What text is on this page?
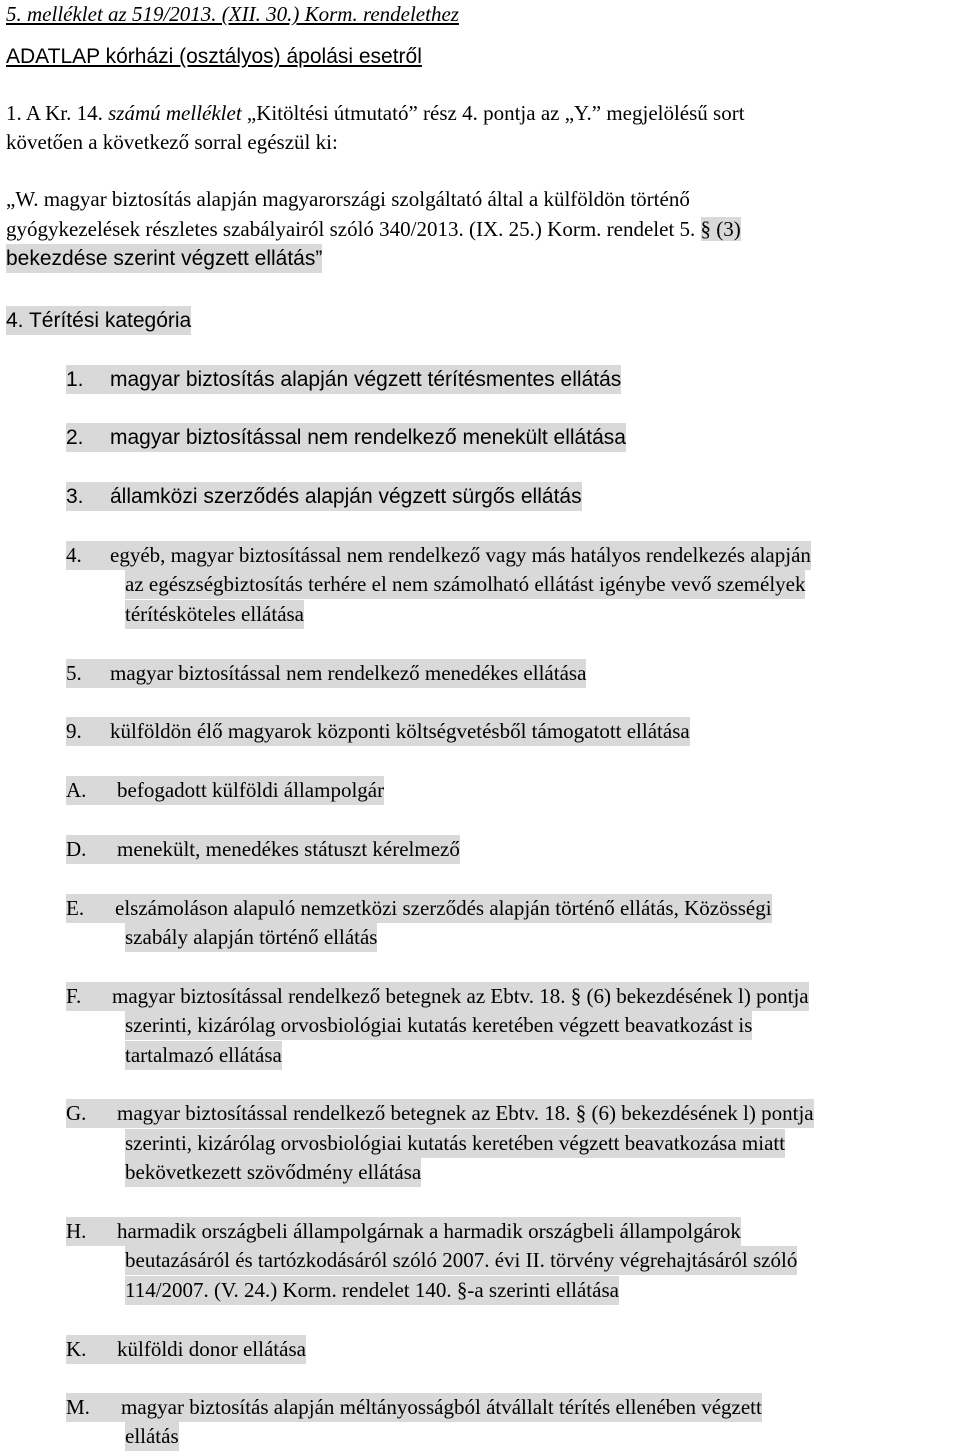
5. melléklet az 519/2013. (XII. 30.) Korm. rendelethez
ADATLAP kórházi (osztályos) ápolási esetről
1. A Kr. 14. számú melléklet „Kitöltési útmutató” rész 4. pontja az „Y.” megjelölésű sort
követően a következő sorral egészül ki:
„W. magyar biztosítás alapján magyarországi szolgáltató által a külföldön történő
gyógykezelések részletes szabályairól szóló 340/2013. (IX. 25.) Korm. rendelet 5. § (3)
bekezdése szerint végzett ellátás”
4. Térítési kategória
1. magyar biztosítás alapján végzett térítésmentes ellátás
2. magyar biztosítással nem rendelkező menekült ellátása
3. államközi szerződés alapján végzett sürgős ellátás
4. egyéb, magyar biztosítással nem rendelkező vagy más hatályos rendelkezés alapján
az egészségbiztosítás terhére el nem számolható ellátást igénybe vevő személyek
térítésköteles ellátása
5. magyar biztosítással nem rendelkező menedékes ellátása
9. külföldön élő magyarok központi költségvetésből támogatott ellátása
A. befogadott külföldi állampolgár
D. menekült, menedékes státuszt kérelmező
E. elszámoláson alapuló nemzetközi szerződés alapján történő ellátás, Közösségi
szabály alapján történő ellátás
F. magyar biztosítással rendelkező betegnek az Ebtv. 18. § (6) bekezdésének l) pontja
szerinti, kizárólag orvosbiológiai kutatás keretében végzett beavatkozást is
tartalmazó ellátása
G. magyar biztosítással rendelkező betegnek az Ebtv. 18. § (6) bekezdésének l) pontja
szerinti, kizárólag orvosbiológiai kutatás keretében végzett beavatkozása miatt
bekövetkezett szövődmény ellátása
H. harmadik országbeli állampolgárnak a harmadik országbeli állampolgárok
beutazásáról és tartózkodásáról szóló 2007. évi II. törvény végrehajtásáról szóló
114/2007. (V. 24.) Korm. rendelet 140. §-a szerinti ellátása
K. külföldi donor ellátása
M. magyar biztosítás alapján méltányosságból átvállalt térítés ellenében végzett
ellátás
